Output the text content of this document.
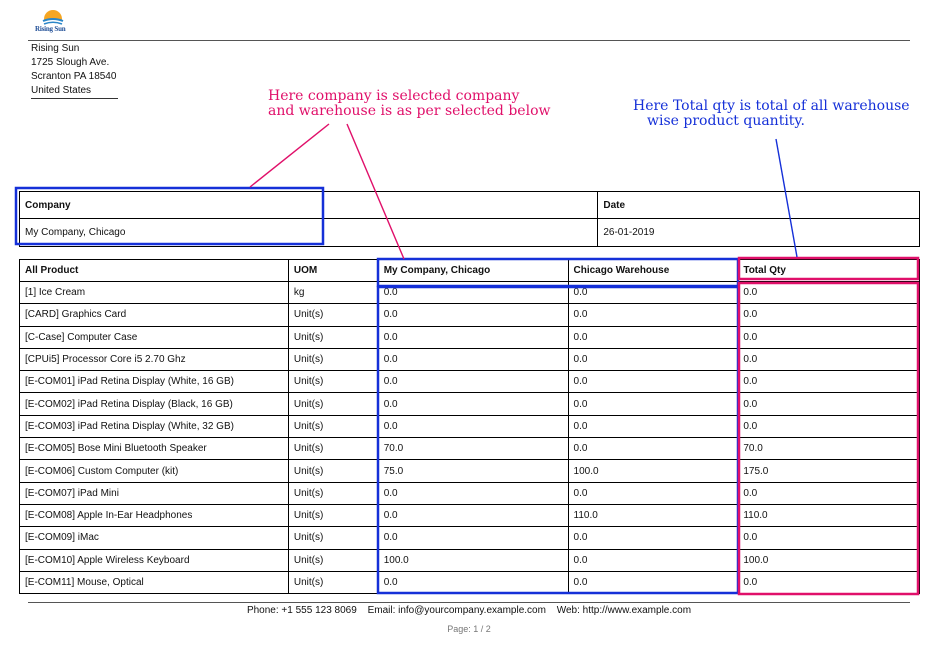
Rising Sun
Rising Sun
1725 Slough Ave.
Scranton PA 18540
United States	Here company is selected company
and warehouse is as per selected below	Here Total qty is total of all warehouse
wise product quantity.
Company	Date
My Company, Chicago	26-01-2019
All Product	UOM	My Company, Chicago	Chicago Warehouse	Total Qty
[1] Ice Cream	kg	0.0	0.0	0.0
[CARD] Graphics Card	Unit(s)	0.0	0.0	0.0
[C-Case] Computer Case	Unit(s)	0.0	0.0	0.0
[CPUi5] Processor Core i5 2.70 Ghz	Unit(s)	0.0	0.0	0.0
[E-COM01] iPad Retina Display (White, 16 GB)	Unit(s)	0.0	0.0	0.0
[E-COM02] iPad Retina Display (Black, 16 GB)	Unit(s)	0.0	0.0	0.0
[E-COM03] iPad Retina Display (White, 32 GB)	Unit(s)	0.0	0.0	0.0
[E-COM05] Bose Mini Bluetooth Speaker	Unit(s)	70.0	0.0	70.0
[E-COM06] Custom Computer (kit)	Unit(s)	75.0	100.0	175.0
[E-COM07] iPad Mini	Unit(s)	0.0	0.0	0.0
[E-COM08] Apple In-Ear Headphones	Unit(s)	0.0	110.0	110.0
[E-COM09] iMac	Unit(s)	0.0	0.0	0.0
[E-COM10] Apple Wireless Keyboard	Unit(s)	100.0	0.0	100.0
[E-COM11] Mouse, Optical	Unit(s)	0.0	0.0	0.0
Phone: +1 555 123 8069 Email: info@yourcompany.example.com Web: http://www.example.com
Page: 1 / 2
